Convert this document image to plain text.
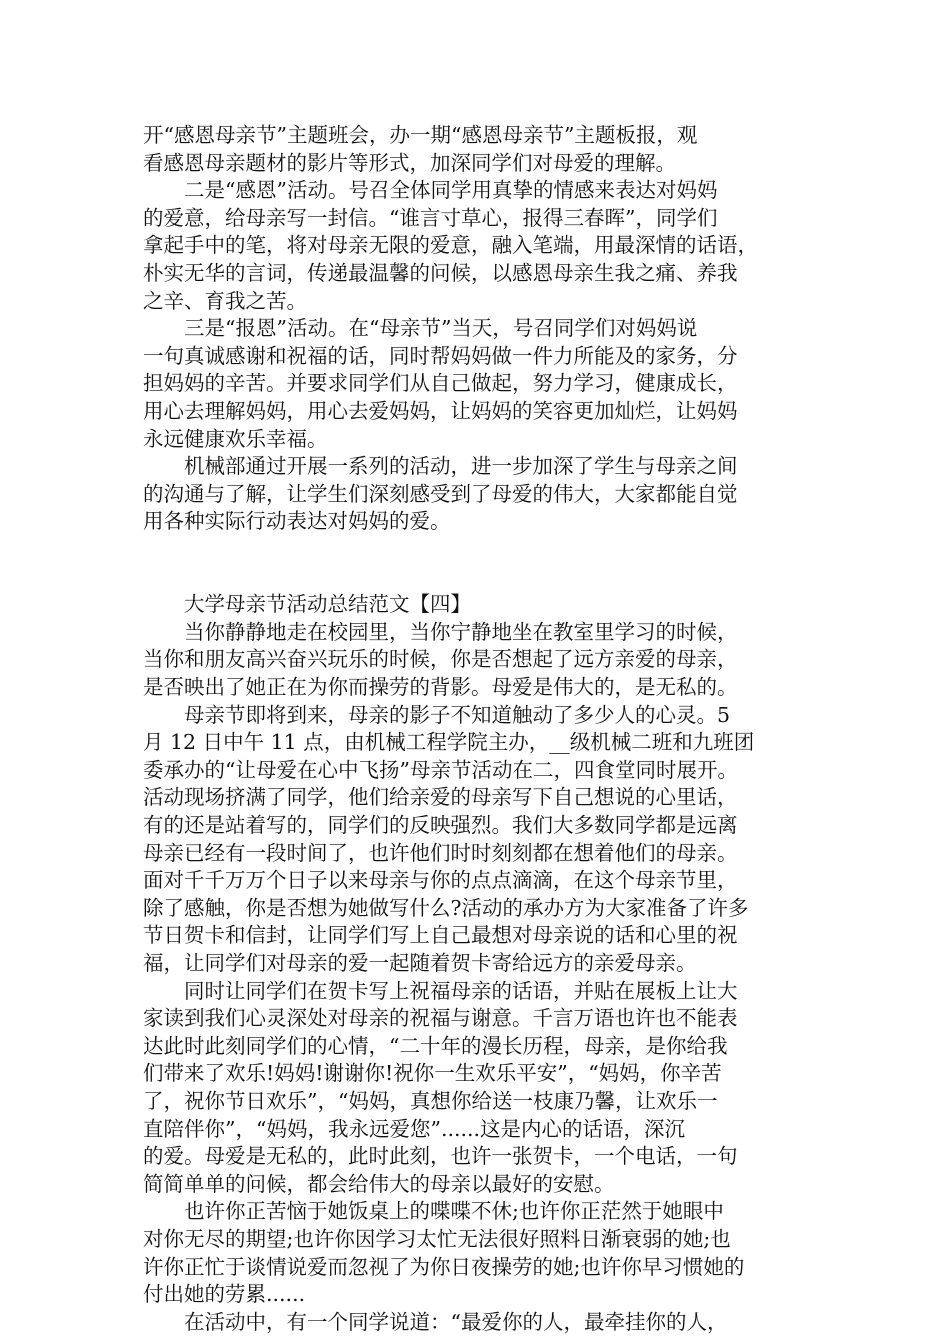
开“感恩母亲节”主题班会，办一期“感恩母亲节”主题板报，观
看感恩母亲题材的影片等形式，加深同学们对母爱的理解。
　　二是“感恩”活动。号召全体同学用真挚的情感来表达对妈妈
的爱意，给母亲写一封信。“谁言寸草心，报得三春晖”，同学们
拿起手中的笔，将对母亲无限的爱意，融入笔端，用最深情的话语，
朴实无华的言词，传递最温馨的问候，以感恩母亲生我之痛、养我
之辛、育我之苦。
　　三是“报恩”活动。在“母亲节”当天，号召同学们对妈妈说
一句真诚感谢和祝福的话，同时帮妈妈做一件力所能及的家务，分
担妈妈的辛苦。并要求同学们从自己做起，努力学习，健康成长，
用心去理解妈妈，用心去爱妈妈，让妈妈的笑容更加灿烂，让妈妈
永远健康欢乐幸福。
　　机械部通过开展一系列的活动，进一步加深了学生与母亲之间
的沟通与了解，让学生们深刻感受到了母爱的伟大，大家都能自觉
用各种实际行动表达对妈妈的爱。
　　大学母亲节活动总结范文【四】
　　当你静静地走在校园里，当你宁静地坐在教室里学习的时候，
当你和朋友高兴奋兴玩乐的时候，你是否想起了远方亲爱的母亲，
是否映出了她正在为你而操劳的背影。母爱是伟大的，是无私的。
　　母亲节即将到来，母亲的影子不知道触动了多少人的心灵。5
月 12 日中午 11 点，由机械工程学院主办，__级机械二班和九班团
委承办的“让母爱在心中飞扬”母亲节活动在二，四食堂同时展开。
活动现场挤满了同学，他们给亲爱的母亲写下自己想说的心里话，
有的还是站着写的，同学们的反映强烈。我们大多数同学都是远离
母亲已经有一段时间了，也许他们时时刻刻都在想着他们的母亲。
面对千千万万个日子以来母亲与你的点点滴滴，在这个母亲节里，
除了感触，你是否想为她做写什么?活动的承办方为大家准备了许多
节日贺卡和信封，让同学们写上自己最想对母亲说的话和心里的祝
福，让同学们对母亲的爱一起随着贺卡寄给远方的亲爱母亲。
　　同时让同学们在贺卡写上祝福母亲的话语，并贴在展板上让大
家读到我们心灵深处对母亲的祝福与谢意。千言万语也许也不能表
达此时此刻同学们的心情，“二十年的漫长历程，母亲，是你给我
们带来了欢乐!妈妈!谢谢你!祝你一生欢乐平安”，“妈妈，你辛苦
了，祝你节日欢乐”，“妈妈，真想你给送一枝康乃馨，让欢乐一
直陪伴你”，“妈妈，我永远爱您”......这是内心的话语，深沉
的爱。母爱是无私的，此时此刻，也许一张贺卡，一个电话，一句
简简单单的问候，都会给伟大的母亲以最好的安慰。
　　也许你正苦恼于她饭桌上的喋喋不休;也许你正茫然于她眼中
对你无尽的期望;也许你因学习太忙无法很好照料日渐衰弱的她;也
许你正忙于谈情说爱而忽视了为你日夜操劳的她;也许你早习惯她的
付出她的劳累......
　　在活动中，有一个同学说道：“最爱你的人，最牵挂你的人，
